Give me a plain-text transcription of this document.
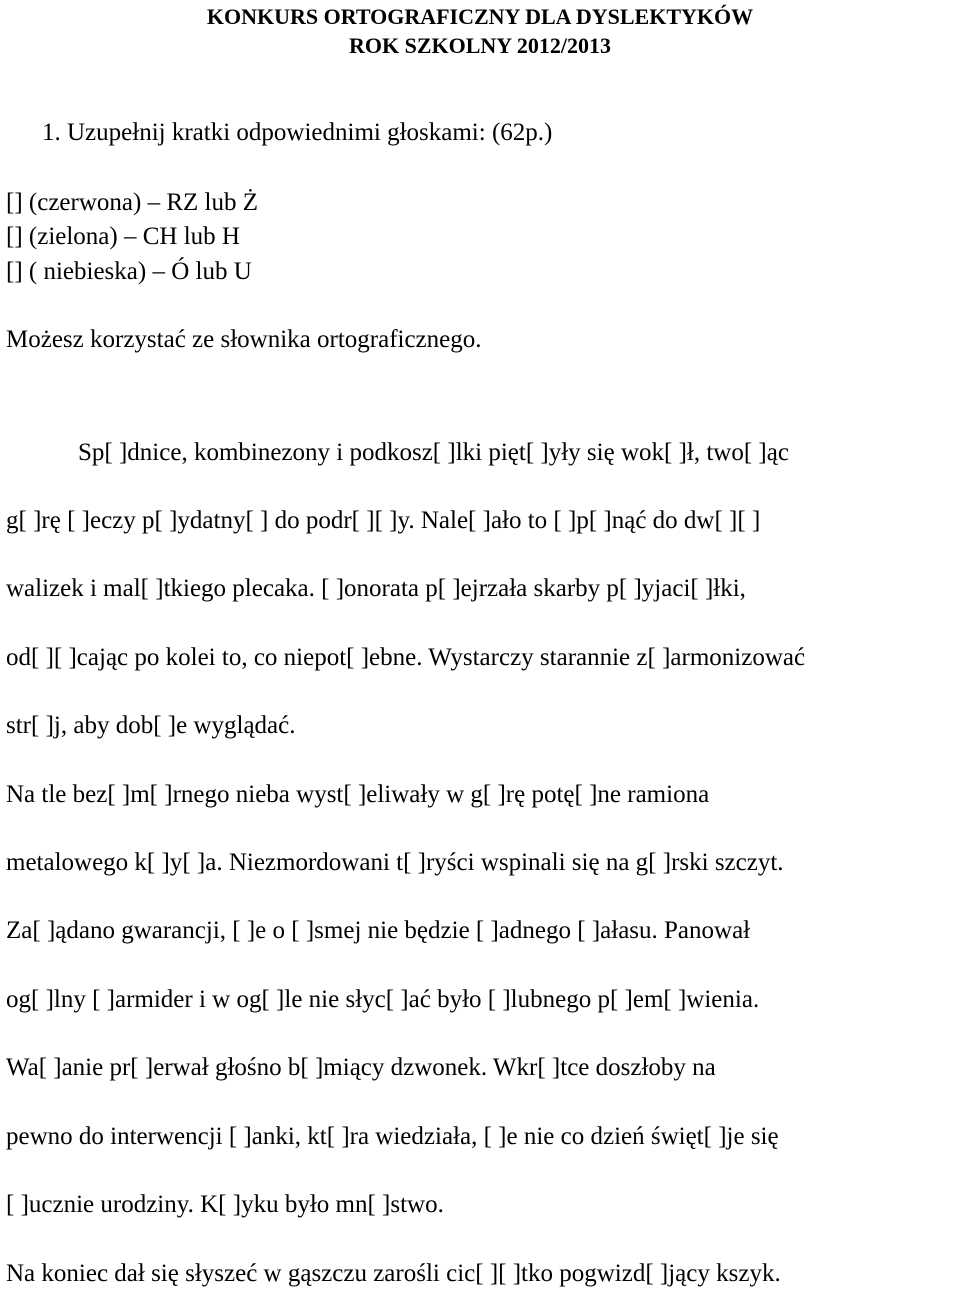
KONKURS ORTOGRAFICZNY DLA DYSLEKTYKÓW
ROK SZKOLNY 2012/2013
1. Uzupełnij kratki odpowiednimi głoskami: (62p.)
[] (czerwona) – RZ lub Ż
[] (zielona) – CH lub H
[] ( niebieska) – Ó lub U
Możesz korzystać ze słownika ortograficznego.
Sp[ ]dnice, kombinezony i podkosz[ ]lki pięt[ ]yły się wok[ ]ł, two[ ]ąc
g[ ]rę [ ]eczy p[ ]ydatny[ ] do podr[ ][ ]y. Nale[ ]ało to [ ]p[ ]nąć do dw[ ][ ]
walizek i mal[ ]tkiego plecaka. [ ]onorata p[ ]ejrzała skarby p[ ]yjaci[ ]łki,
od[ ][ ]cając po kolei to, co niepot[ ]ebne. Wystarczy starannie z[ ]armonizować
str[ ]j, aby dob[ ]e wyglądać.
Na tle bez[ ]m[ ]rnego nieba wyst[ ]eliwały w g[ ]rę potę[ ]ne ramiona
metalowego k[ ]y[ ]a. Niezmordowani t[ ]ryści wspinali się na g[ ]rski szczyt.
Za[ ]ądano gwarancji, [ ]e o [ ]smej nie będzie [ ]adnego [ ]ałasu. Panował
og[ ]lny [ ]armider i w og[ ]le nie słyc[ ]ać było [ ]lubnego p[ ]em[ ]wienia.
Wa[ ]anie pr[ ]erwał głośno b[ ]miący dzwonek. Wkr[ ]tce doszłoby na
pewno do interwencji [ ]anki, kt[ ]ra wiedziała, [ ]e nie co dzień święt[ ]je się
[ ]ucznie urodziny. K[ ]yku było mn[ ]stwo.
Na koniec dał się słyszeć w gąszczu zarośli cic[ ][ ]tko pogwizd[ ]jący kszyk.
